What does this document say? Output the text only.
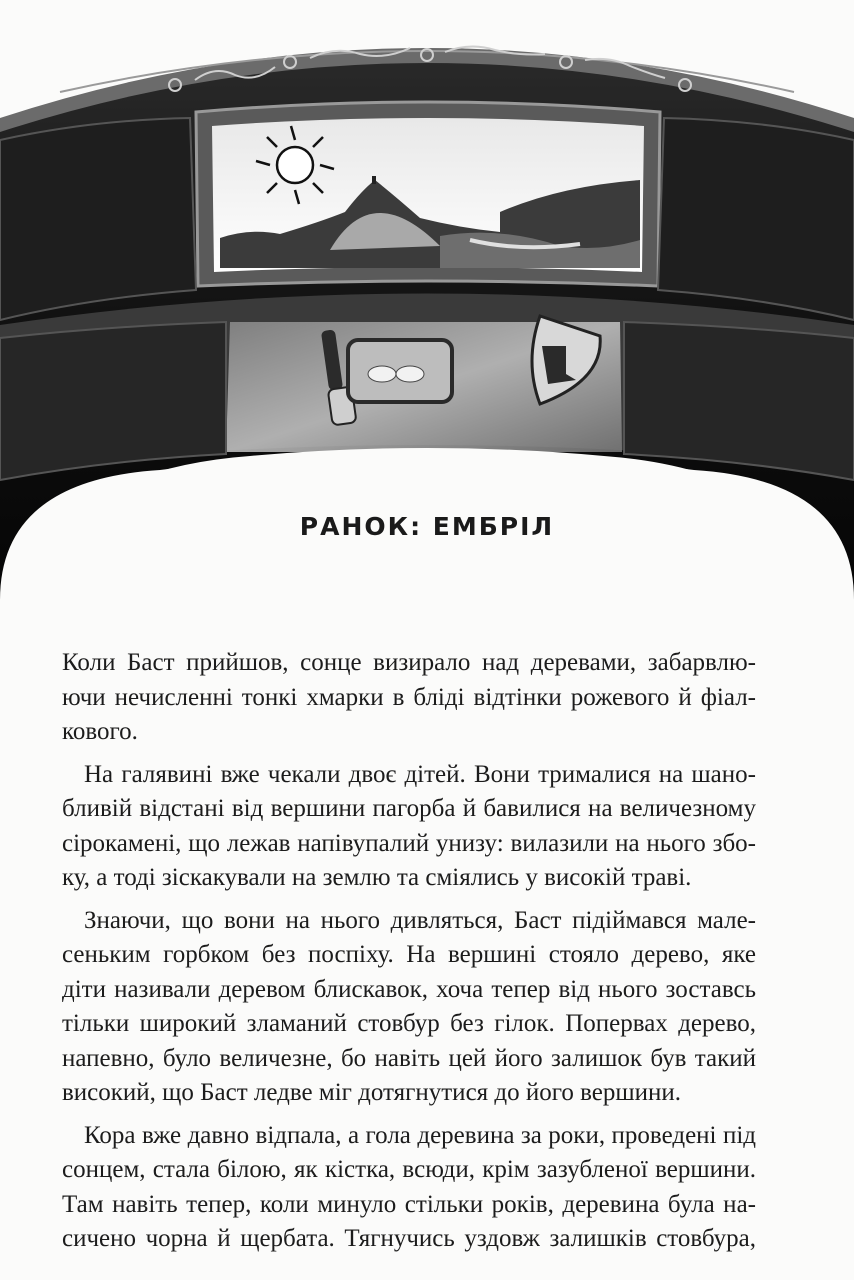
РАНОК: ЕМБРІЛ

Коли Баст прийшов, сонце визирало над деревами, забарвлю-
ючи нечисленні тонкі хмарки в бліді відтінки рожевого й фіал-
кового.

На галявині вже чекали двоє дітей. Вони трималися на шано-
бливій відстані від вершини пагорба й бавилися на величезному
сірокамені, що лежав напівупалий унизу: вилазили на нього збо-
ку, а тоді зіскакували на землю та сміялись у високій траві.

Знаючи, що вони на нього дивляться, Баст підіймався мале-
сеньким горбком без поспіху. На вершині стояло дерево, яке
діти називали деревом блискавок, хоча тепер від нього зоставсь
тільки широкий зламаний стовбур без гілок. Поперваx дерево,
напевно, було величезне, бо навіть цей його залишок був такий
високий, що Баст ледве міг дотягнутися до його вершини.

Кора вже давно відпала, а гола деревина за роки, проведені під
сонцем, стала білою, як кістка, всюди, крім зазубленої вершини.
Там навіть тепер, коли минуло стільки років, деревина була на-
сичено чорна й щербата. Тягнучись уздовж залишків стовбура,
